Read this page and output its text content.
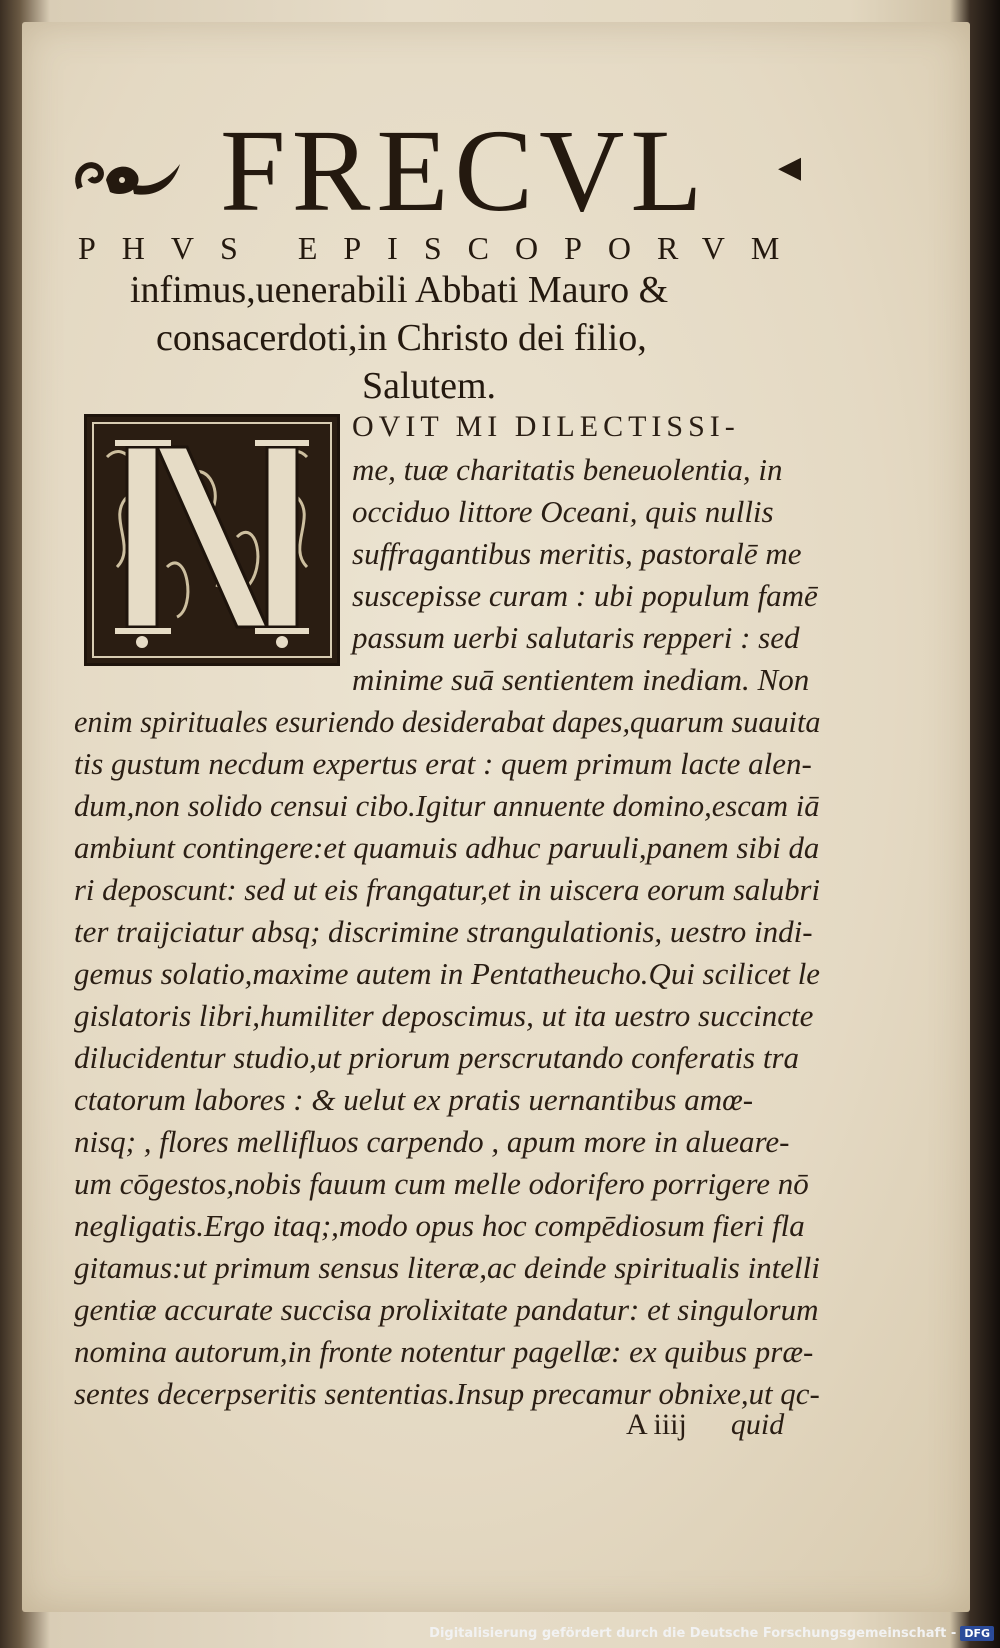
FRECVL	◀
PHVS EPISCOPORVM
infimus,uenerabili Abbati Mauro &
consacerdoti,in Christo dei filio,
Salutem.
OVIT MI DILECTISSI-
me, tuæ charitatis beneuolentia, in
occiduo littore Oceani, quis nullis
suffragantibus meritis, pastoralē me
suscepisse curam : ubi populum famē
passum uerbi salutaris repperi : sed
minime suā sentientem inediam. Non
enim spirituales esuriendo desiderabat dapes,quarum suauita
tis gustum necdum expertus erat : quem primum lacte alen-
dum,non solido censui cibo.Igitur annuente domino,escam iā
ambiunt contingere:et quamuis adhuc paruuli,panem sibi da
ri deposcunt: sed ut eis frangatur,et in uiscera eorum salubri
ter traijciatur absq; discrimine strangulationis, uestro indi-
gemus solatio,maxime autem in Pentatheucho.Qui scilicet le
gislatoris libri,humiliter deposcimus, ut ita uestro succincte
dilucidentur studio,ut priorum perscrutando conferatis tra
ctatorum labores : & uelut ex pratis uernantibus amœ-
nisq; , flores mellifluos carpendo , apum more in alueare-
um cōgestos,nobis fauum cum melle odorifero porrigere nō
negligatis.Ergo itaq;,modo opus hoc compēdiosum fieri fla
gitamus:ut primum sensus literæ,ac deinde spiritualis intelli
gentiæ accurate succisa prolixitate pandatur: et singulorum
nomina autorum,in fronte notentur pagellæ: ex quibus præ-
sentes decerpseritis sententias.Insup precamur obnixe,ut qc-
A iiij quid
Digitalisierung gefördert durch die Deutsche Forschungsgemeinschaft - DFG
